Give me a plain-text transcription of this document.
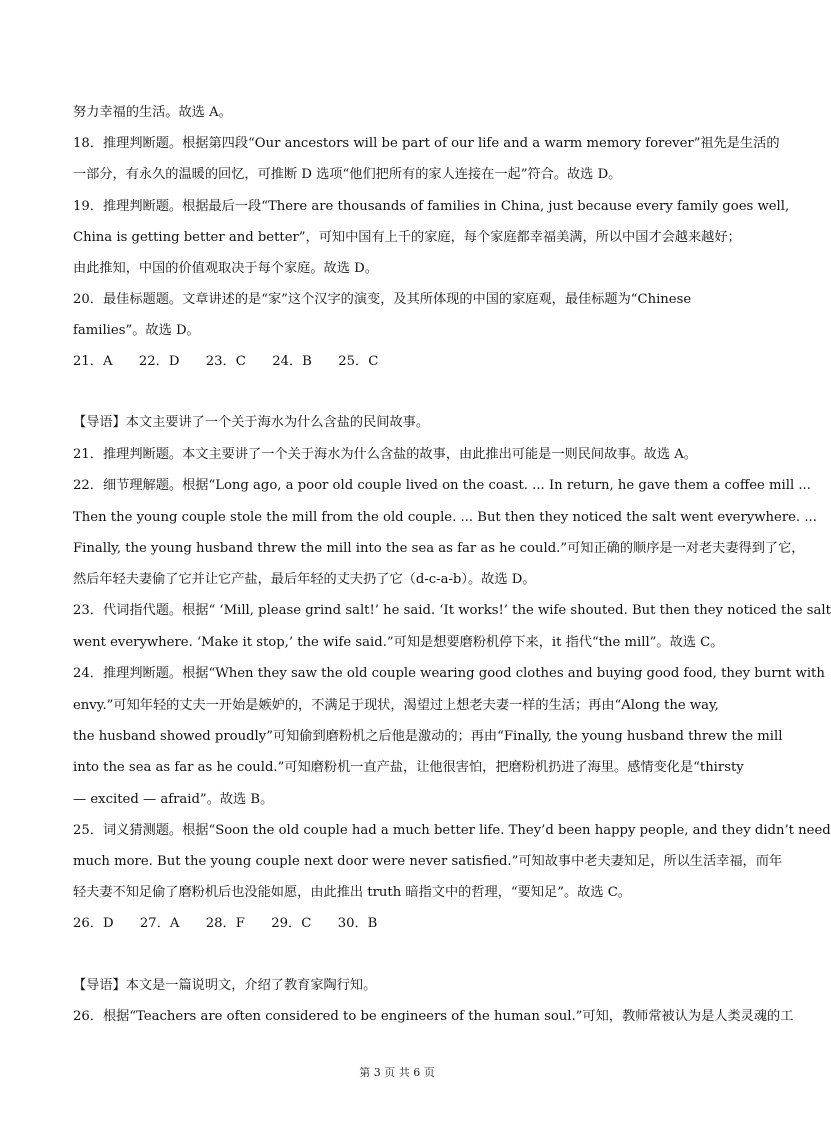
努力幸福的生活。故选 A。
18．推理判断题。根据第四段“Our ancestors will be part of our life and a warm memory forever”祖先是生活的
一部分，有永久的温暖的回忆，可推断 D 选项“他们把所有的家人连接在一起”符合。故选 D。
19．推理判断题。根据最后一段“There are thousands of families in China, just because every family goes well,
China is getting better and better”，可知中国有上千的家庭，每个家庭都幸福美满，所以中国才会越来越好；
由此推知，中国的价值观取决于每个家庭。故选 D。
20．最佳标题题。文章讲述的是“家”这个汉字的演变，及其所体现的中国的家庭观，最佳标题为“Chinese
families”。故选 D。
21．A　　22．D　　23．C　　24．B　　25．C
【导语】本文主要讲了一个关于海水为什么含盐的民间故事。
21．推理判断题。本文主要讲了一个关于海水为什么含盐的故事，由此推出可能是一则民间故事。故选 A。
22．细节理解题。根据“Long ago, a poor old couple lived on the coast. ... In return, he gave them a coffee mill ...
Then the young couple stole the mill from the old couple. ... But then they noticed the salt went everywhere. ...
Finally, the young husband threw the mill into the sea as far as he could.”可知正确的顺序是一对老夫妻得到了它，
然后年轻夫妻偷了它并让它产盐，最后年轻的丈夫扔了它（d-c-a-b）。故选 D。
23．代词指代题。根据“ ‘Mill, please grind salt!’ he said. ‘It works!’ the wife shouted. But then they noticed the salt
went everywhere. ‘Make it stop,’ the wife said.”可知是想要磨粉机停下来，it 指代“the mill”。故选 C。
24．推理判断题。根据“When they saw the old couple wearing good clothes and buying good food, they burnt with
envy.”可知年轻的丈夫一开始是嫉妒的，不满足于现状，渴望过上想老夫妻一样的生活；再由“Along the way,
the husband showed proudly”可知偷到磨粉机之后他是激动的；再由“Finally, the young husband threw the mill
into the sea as far as he could.”可知磨粉机一直产盐，让他很害怕，把磨粉机扔进了海里。感情变化是“thirsty
— excited — afraid”。故选 B。
25．词义猜测题。根据“Soon the old couple had a much better life. They’d been happy people, and they didn’t need
much more. But the young couple next door were never satisfied.”可知故事中老夫妻知足，所以生活幸福，而年
轻夫妻不知足偷了磨粉机后也没能如愿，由此推出 truth 暗指文中的哲理，“要知足”。故选 C。
26．D　　27．A　　28．F　　29．C　　30．B
【导语】本文是一篇说明文，介绍了教育家陶行知。
26．根据“Teachers are often considered to be engineers of the human soul.”可知，教师常被认为是人类灵魂的工
第 3 页 共 6 页
